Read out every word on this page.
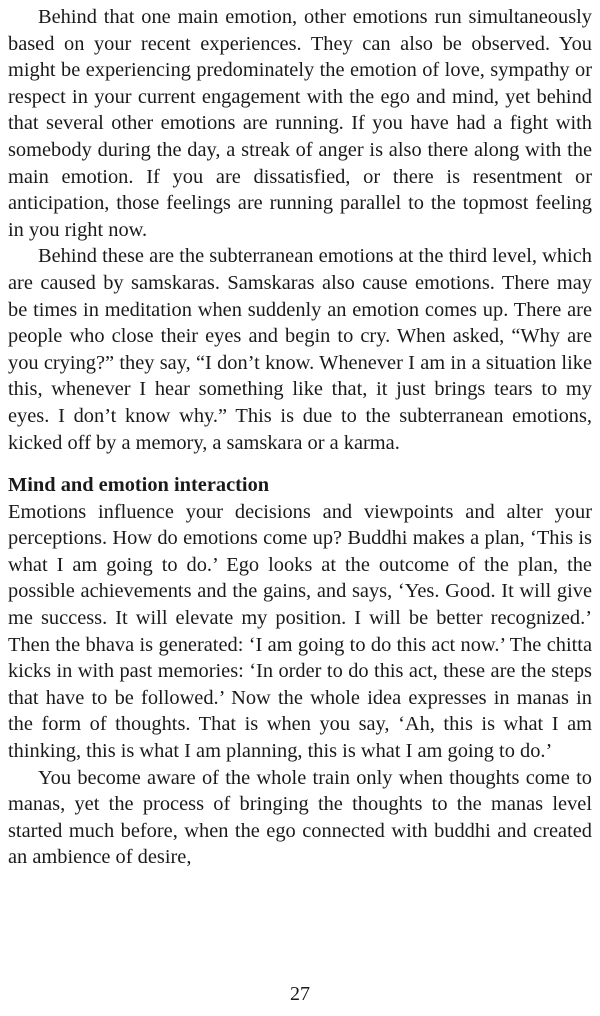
Behind that one main emotion, other emotions run simultaneously based on your recent experiences. They can also be observed. You might be experiencing predominately the emotion of love, sympathy or respect in your current engagement with the ego and mind, yet behind that several other emotions are running. If you have had a fight with somebody during the day, a streak of anger is also there along with the main emotion. If you are dissatisfied, or there is resentment or anticipation, those feelings are running parallel to the topmost feeling in you right now.

Behind these are the subterranean emotions at the third level, which are caused by samskaras. Samskaras also cause emotions. There may be times in meditation when suddenly an emotion comes up. There are people who close their eyes and begin to cry. When asked, “Why are you crying?” they say, “I don’t know. Whenever I am in a situation like this, whenever I hear something like that, it just brings tears to my eyes. I don’t know why.” This is due to the subterranean emotions, kicked off by a memory, a samskara or a karma.

Mind and emotion interaction

Emotions influence your decisions and viewpoints and alter your perceptions. How do emotions come up? Buddhi makes a plan, ‘This is what I am going to do.’ Ego looks at the outcome of the plan, the possible achievements and the gains, and says, ‘Yes. Good. It will give me success. It will elevate my position. I will be better recognized.’ Then the bhava is generated: ‘I am going to do this act now.’ The chitta kicks in with past memories: ‘In order to do this act, these are the steps that have to be followed.’ Now the whole idea expresses in manas in the form of thoughts. That is when you say, ‘Ah, this is what I am thinking, this is what I am planning, this is what I am going to do.’

You become aware of the whole train only when thoughts come to manas, yet the process of bringing the thoughts to the manas level started much before, when the ego connected with buddhi and created an ambience of desire,

27
